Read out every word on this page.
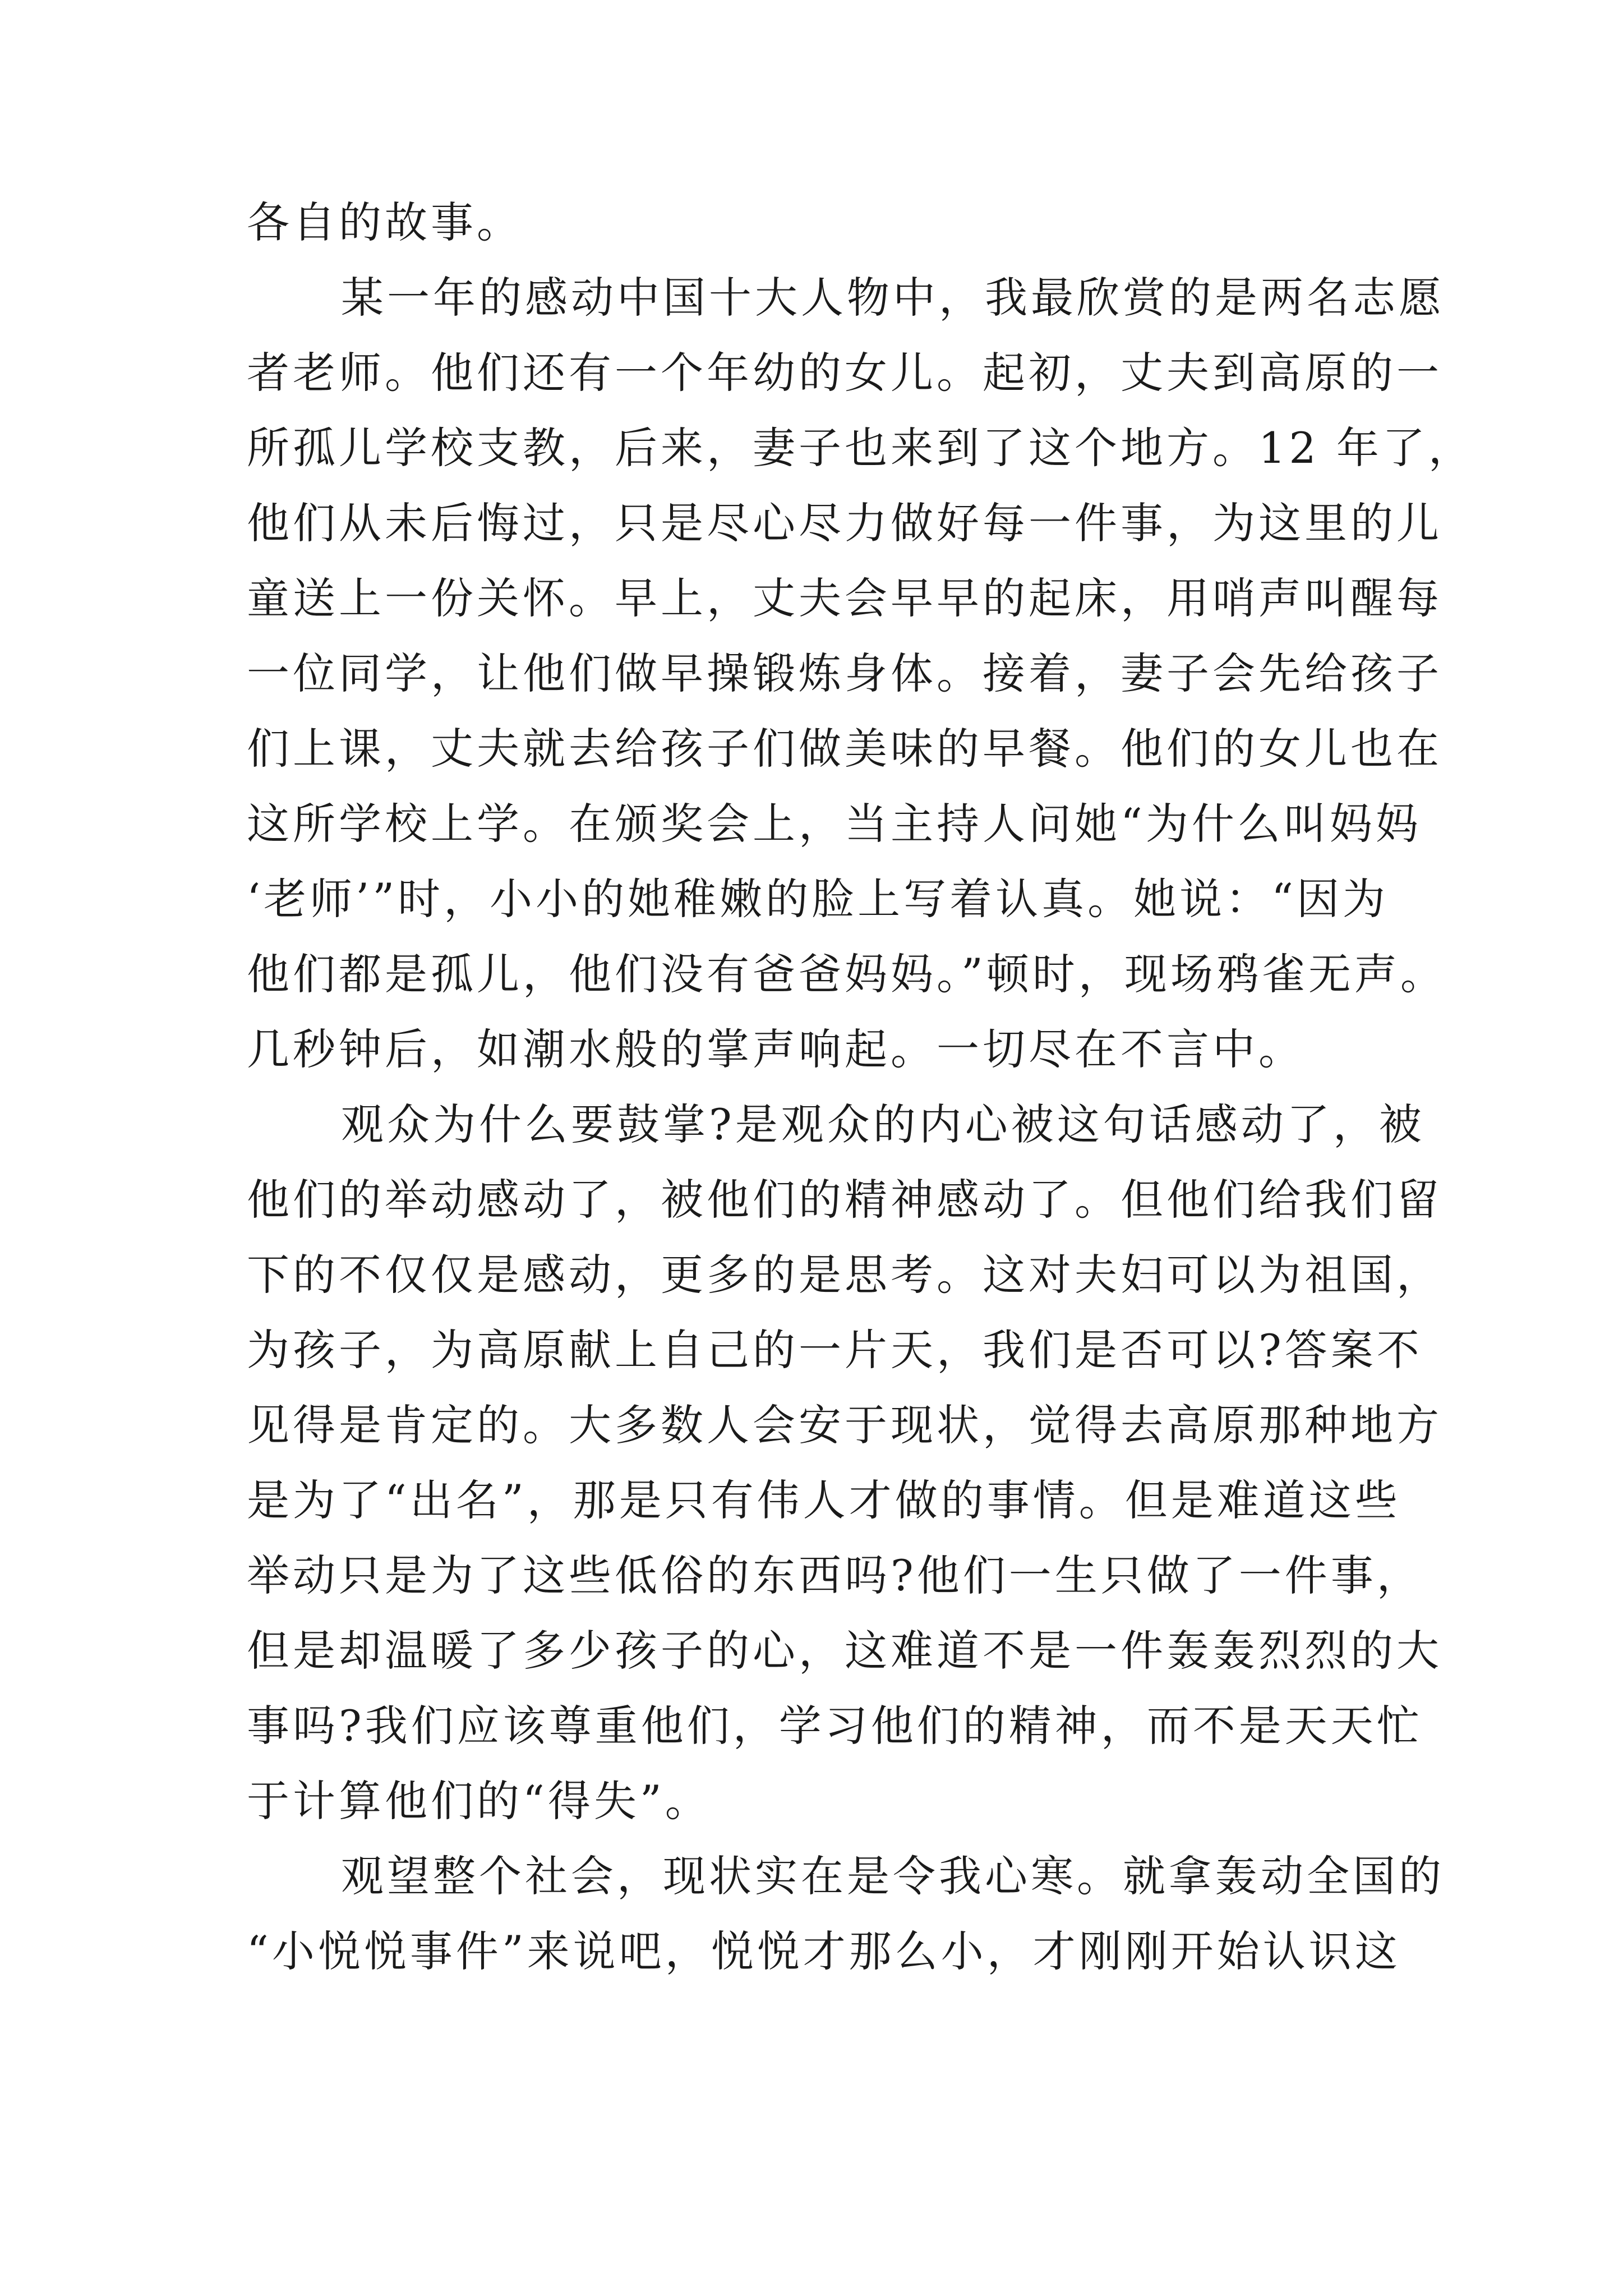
各自的故事。
某一年的感动中国十大人物中，我最欣赏的是两名志愿
者老师。他们还有一个年幼的女儿。起初，丈夫到高原的一
所孤儿学校支教，后来，妻子也来到了这个地方。12 年了，
他们从未后悔过，只是尽心尽力做好每一件事，为这里的儿
童送上一份关怀。早上，丈夫会早早的起床，用哨声叫醒每
一位同学，让他们做早操锻炼身体。接着，妻子会先给孩子
们上课，丈夫就去给孩子们做美味的早餐。他们的女儿也在
这所学校上学。在颁奖会上，当主持人问她“为什么叫妈妈
‘老师’”时，小小的她稚嫩的脸上写着认真。她说：“因为
他们都是孤儿，他们没有爸爸妈妈。”顿时，现场鸦雀无声。
几秒钟后，如潮水般的掌声响起。一切尽在不言中。
观众为什么要鼓掌?是观众的内心被这句话感动了，被
他们的举动感动了，被他们的精神感动了。但他们给我们留
下的不仅仅是感动，更多的是思考。这对夫妇可以为祖国，
为孩子，为高原献上自己的一片天，我们是否可以?答案不
见得是肯定的。大多数人会安于现状，觉得去高原那种地方
是为了“出名”，那是只有伟人才做的事情。但是难道这些
举动只是为了这些低俗的东西吗?他们一生只做了一件事，
但是却温暖了多少孩子的心，这难道不是一件轰轰烈烈的大
事吗?我们应该尊重他们，学习他们的精神，而不是天天忙
于计算他们的“得失”。
观望整个社会，现状实在是令我心寒。就拿轰动全国的
“小悦悦事件”来说吧，悦悦才那么小，才刚刚开始认识这
